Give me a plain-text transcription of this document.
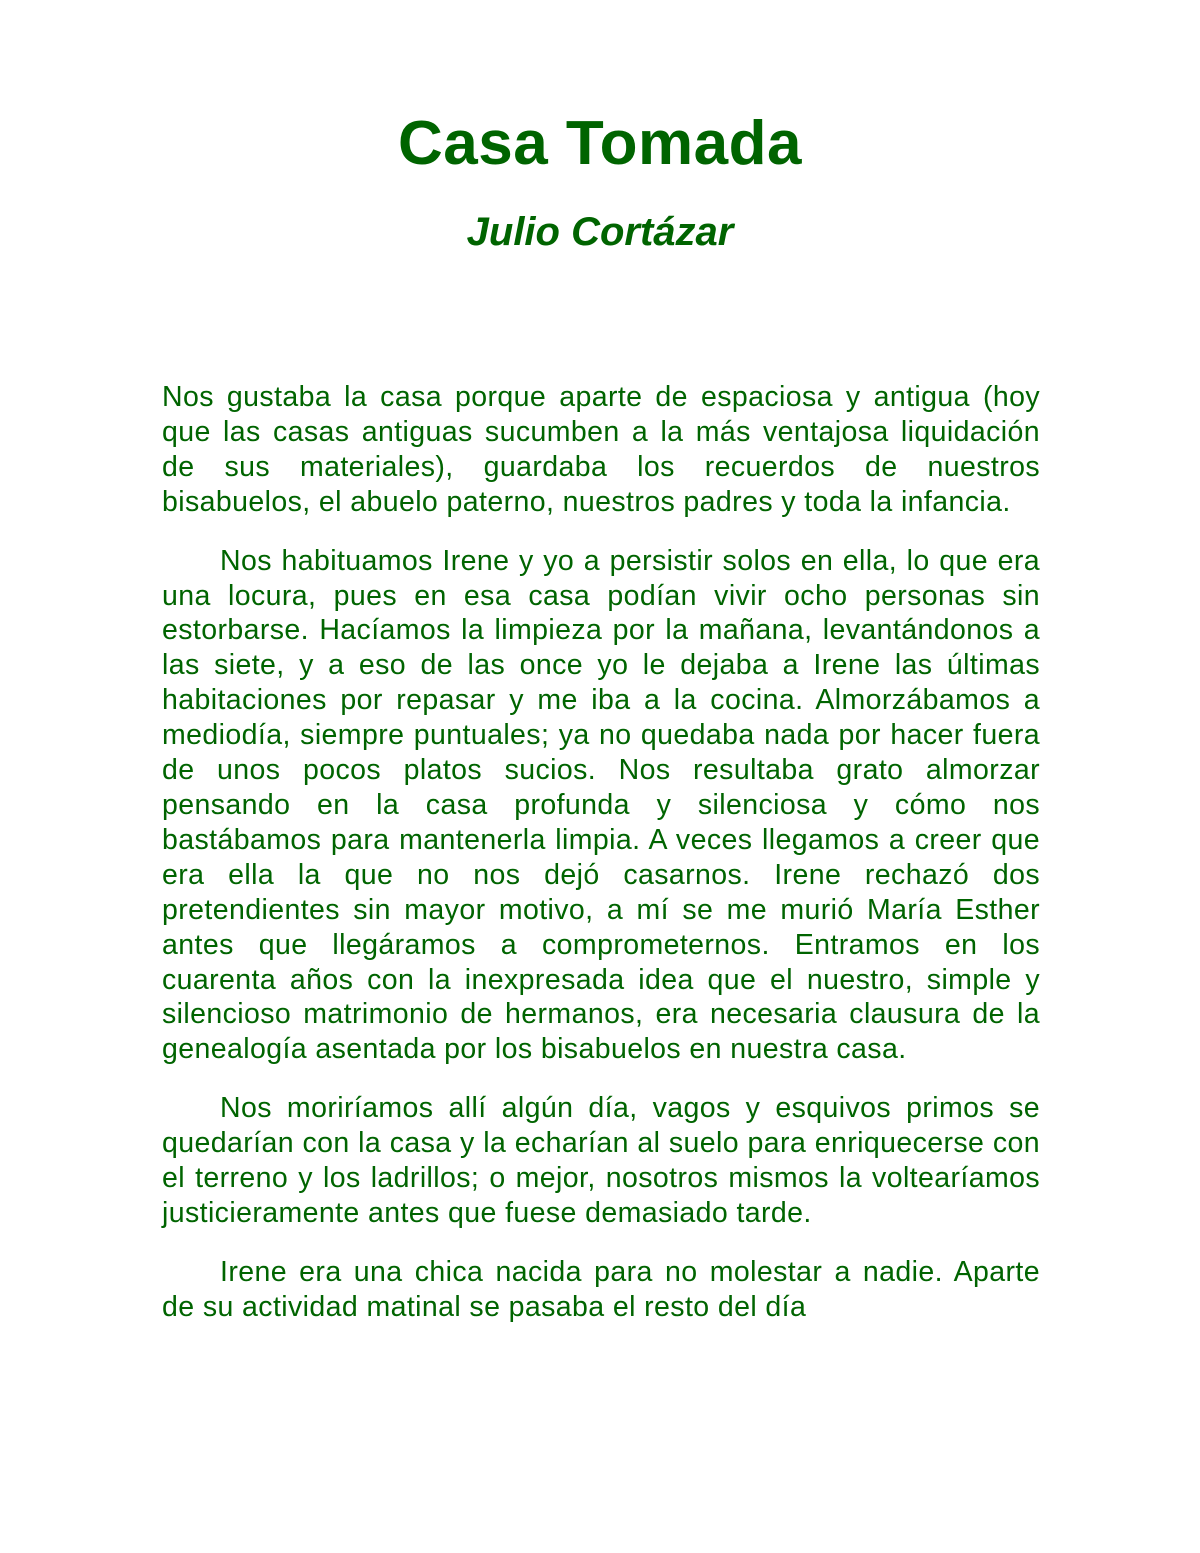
Casa Tomada
Julio Cortázar

Nos gustaba la casa porque aparte de espaciosa y antigua (hoy que las casas antiguas sucumben a la más ventajosa liquidación de sus materiales), guardaba los recuerdos de nuestros bisabuelos, el abuelo paterno, nuestros padres y toda la infancia.

Nos habituamos Irene y yo a persistir solos en ella, lo que era una locura, pues en esa casa podían vivir ocho personas sin estorbarse. Hacíamos la limpieza por la mañana, levantándonos a las siete, y a eso de las once yo le dejaba a Irene las últimas habitaciones por repasar y me iba a la cocina. Almorzábamos a mediodía, siempre puntuales; ya no quedaba nada por hacer fuera de unos pocos platos sucios. Nos resultaba grato almorzar pensando en la casa profunda y silenciosa y cómo nos bastábamos para mantenerla limpia. A veces llegamos a creer que era ella la que no nos dejó casarnos. Irene rechazó dos pretendientes sin mayor motivo, a mí se me murió María Esther antes que llegáramos a comprometernos. Entramos en los cuarenta años con la inexpresada idea que el nuestro, simple y silencioso matrimonio de hermanos, era necesaria clausura de la genealogía asentada por los bisabuelos en nuestra casa.

Nos moriríamos allí algún día, vagos y esquivos primos se quedarían con la casa y la echarían al suelo para enriquecerse con el terreno y los ladrillos; o mejor, nosotros mismos la voltearíamos justicieramente antes que fuese demasiado tarde.

Irene era una chica nacida para no molestar a nadie. Aparte de su actividad matinal se pasaba el resto del día
